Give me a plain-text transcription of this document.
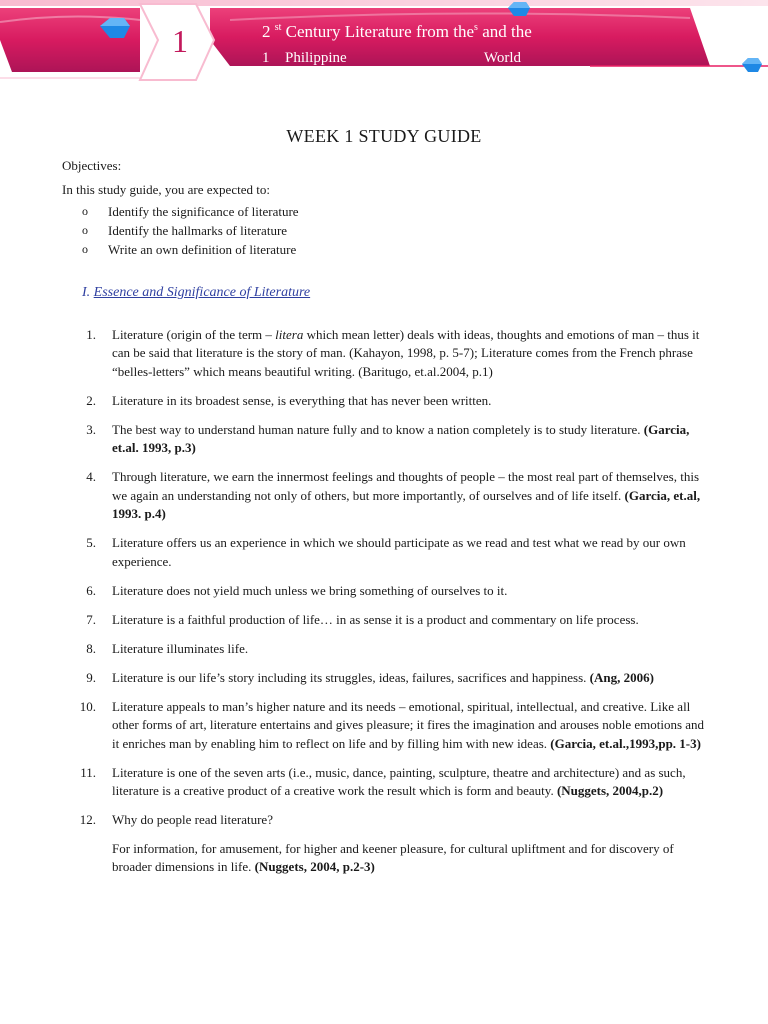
1	2 $^{st}$ Century Literature from the$^s$ and the
1 Philippine	World
WEEK 1 STUDY GUIDE

Objectives:

In this study guide, you are expected to:

o Identify the significance of literature
o Identify the hallmarks of literature
o Write an own definition of literature

I. Essence and Significance of Literature

1.	Literature (origin of the term – litera which mean letter) deals with ideas, thoughts and emotions of man – thus it can be said that literature is the story of man. (Kahayon, 1998, p. 5-7); Literature comes from the French phrase “belles-letters” which means beautiful writing. (Baritugo, et.al.2004, p.1)
2.	Literature in its broadest sense, is everything that has never been written.
3.	The best way to understand human nature fully and to know a nation completely is to study literature. (Garcia, et.al. 1993, p.3)
4.	Through literature, we earn the innermost feelings and thoughts of people – the most real part of themselves, this we again an understanding not only of others, but more importantly, of ourselves and of life itself. (Garcia, et.al, 1993. p.4)
5.	Literature offers us an experience in which we should participate as we read and test what we read by our own experience.
6.	Literature does not yield much unless we bring something of ourselves to it.
7.	Literature is a faithful production of life… in as sense it is a product and commentary on life process.
8.	Literature illuminates life.
9.	Literature is our life’s story including its struggles, ideas, failures, sacrifices and happiness. (Ang, 2006)
10.	Literature appeals to man’s higher nature and its needs – emotional, spiritual, intellectual, and creative. Like all other forms of art, literature entertains and gives pleasure; it fires the imagination and arouses noble emotions and it enriches man by enabling him to reflect on life and by filling him with new ideas. (Garcia, et.al.,1993,pp. 1-3)
11.	Literature is one of the seven arts (i.e., music, dance, painting, sculpture, theatre and architecture) and as such, literature is a creative product of a creative work the result which is form and beauty. (Nuggets, 2004,p.2)
12.	Why do people read literature?
For information, for amusement, for higher and keener pleasure, for cultural upliftment and for discovery of broader dimensions in life. (Nuggets, 2004, p.2-3)
